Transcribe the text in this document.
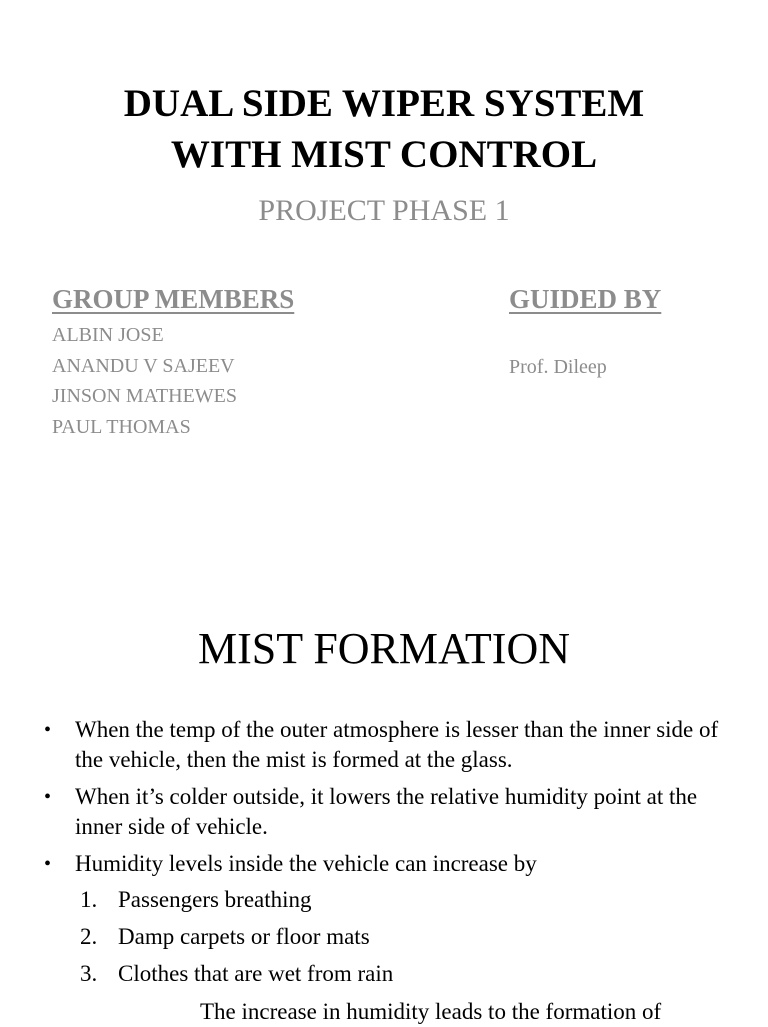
DUAL SIDE WIPER SYSTEM
WITH MIST CONTROL

PROJECT PHASE 1

GROUP MEMBERS

ALBIN JOSE
ANANDU V SAJEEV
JINSON MATHEWES
PAUL THOMAS

GUIDED BY

Prof. Dileep

MIST FORMATION
• When the temp of the outer atmosphere is lesser than the inner side of the vehicle, then the mist is formed at the glass.
• When it’s colder outside, it lowers the relative humidity point at the inner side of vehicle.
• Humidity levels inside the vehicle can increase by
1. Passengers breathing
2. Damp carpets or floor mats
3. Clothes that are wet from rain

The increase in humidity leads to the formation of
